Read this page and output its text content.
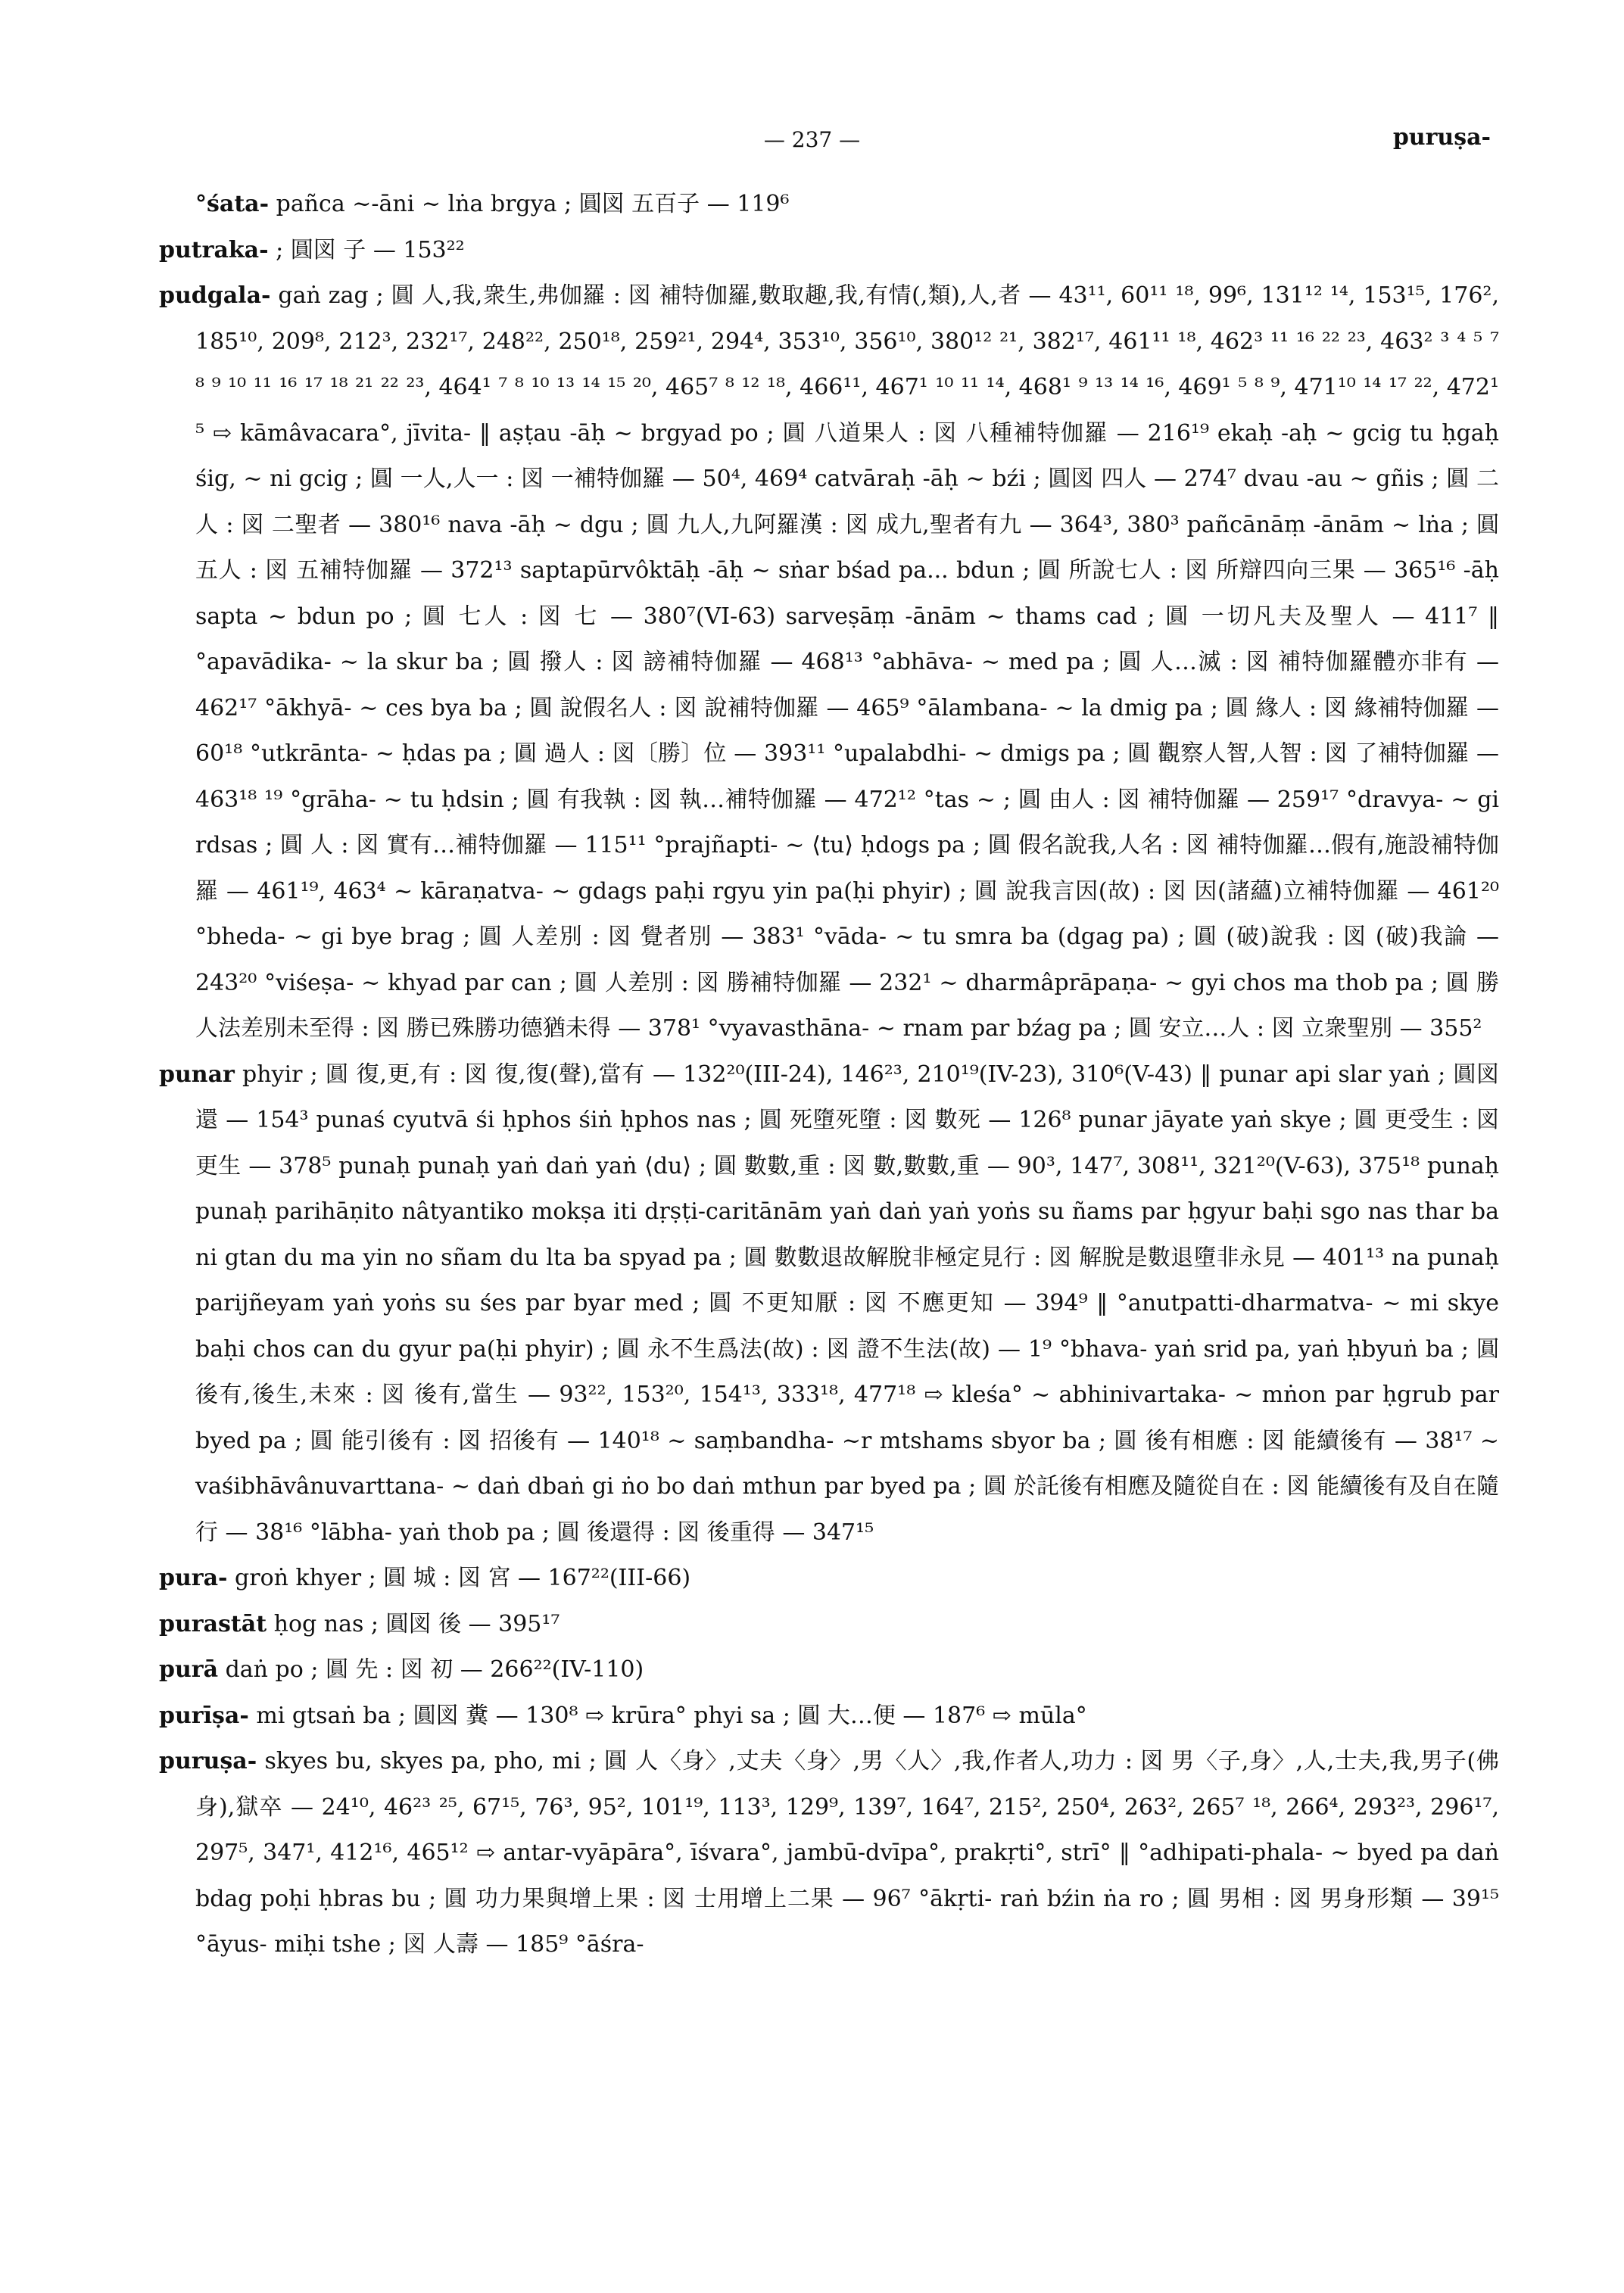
— 237 —	puruṣa-

°śata- pañca ~-āni ~ lṅa brgya ; 圓図 五百子 — 119⁶

putraka- ; 圓図 子 — 153²²

pudgala- gaṅ zag ; 圓 人,我,衆生,弗伽羅 : 図 補特伽羅,數取趣,我,有情(,類),人,者 — 43¹¹, 60¹¹ ¹⁸, 99⁶, 131¹² ¹⁴, 153¹⁵, 176², 185¹⁰, 209⁸, 212³, 232¹⁷, 248²², 250¹⁸, 259²¹, 294⁴, 353¹⁰, 356¹⁰, 380¹² ²¹, 382¹⁷, 461¹¹ ¹⁸, 462³ ¹¹ ¹⁶ ²² ²³, 463² ³ ⁴ ⁵ ⁷ ⁸ ⁹ ¹⁰ ¹¹ ¹⁶ ¹⁷ ¹⁸ ²¹ ²² ²³, 464¹ ⁷ ⁸ ¹⁰ ¹³ ¹⁴ ¹⁵ ²⁰, 465⁷ ⁸ ¹² ¹⁸, 466¹¹, 467¹ ¹⁰ ¹¹ ¹⁴, 468¹ ⁹ ¹³ ¹⁴ ¹⁶, 469¹ ⁵ ⁸ ⁹, 471¹⁰ ¹⁴ ¹⁷ ²², 472¹ ⁵ ⇨ kāmâvacara°, jīvita- ‖ aṣṭau -āḥ ~ brgyad po ; 圓 八道果人 : 図 八種補特伽羅 — 216¹⁹ ekaḥ -aḥ ~ gcig tu ḥgaḥ śig, ~ ni gcig ; 圓 一人,人一 : 図 一補特伽羅 — 50⁴, 469⁴ catvāraḥ -āḥ ~ bźi ; 圓図 四人 — 274⁷ dvau -au ~ gñis ; 圓 二人 : 図 二聖者 — 380¹⁶ nava -āḥ ~ dgu ; 圓 九人,九阿羅漢 : 図 成九,聖者有九 — 364³, 380³ pañcānāṃ -ānām ~ lṅa ; 圓 五人 : 図 五補特伽羅 — 372¹³ saptapūrvôktāḥ -āḥ ~ sṅar bśad pa... bdun ; 圓 所說七人 : 図 所辯四向三果 — 365¹⁶ -āḥ sapta ~ bdun po ; 圓 七人 : 図 七 — 380⁷(VI-63) sarveṣāṃ -ānām ~ thams cad ; 圓 一切凡夫及聖人 — 411⁷ ‖ °apavādika- ~ la skur ba ; 圓 撥人 : 図 謗補特伽羅 — 468¹³ °abhāva- ~ med pa ; 圓 人…滅 : 図 補特伽羅體亦非有 — 462¹⁷ °ākhyā- ~ ces bya ba ; 圓 說假名人 : 図 說補特伽羅 — 465⁹ °ālambana- ~ la dmig pa ; 圓 緣人 : 図 緣補特伽羅 — 60¹⁸ °utkrānta- ~ ḥdas pa ; 圓 過人 : 図〔勝〕位 — 393¹¹ °upalabdhi- ~ dmigs pa ; 圓 觀察人智,人智 : 図 了補特伽羅 — 463¹⁸ ¹⁹ °grāha- ~ tu ḥdsin ; 圓 有我執 : 図 執…補特伽羅 — 472¹² °tas ~ ; 圓 由人 : 図 補特伽羅 — 259¹⁷ °dravya- ~ gi rdsas ; 圓 人 : 図 實有…補特伽羅 — 115¹¹ °prajñapti- ~ ⟨tu⟩ ḥdogs pa ; 圓 假名說我,人名 : 図 補特伽羅…假有,施設補特伽羅 — 461¹⁹, 463⁴ ~ kāraṇatva- ~ gdags paḥi rgyu yin pa(ḥi phyir) ; 圓 說我言因(故) : 図 因(諸蘊)立補特伽羅 — 461²⁰ °bheda- ~ gi bye brag ; 圓 人差別 : 図 覺者別 — 383¹ °vāda- ~ tu smra ba (dgag pa) ; 圓 (破)說我 : 図 (破)我論 — 243²⁰ °viśeṣa- ~ khyad par can ; 圓 人差別 : 図 勝補特伽羅 — 232¹ ~ dharmâprāpaṇa- ~ gyi chos ma thob pa ; 圓 勝人法差別未至得 : 図 勝已殊勝功德猶未得 — 378¹ °vyavasthāna- ~ rnam par bźag pa ; 圓 安立…人 : 図 立衆聖別 — 355²

punar phyir ; 圓 復,更,有 : 図 復,復(聲),當有 — 132²⁰(III-24), 146²³, 210¹⁹(IV-23), 310⁶(V-43) ‖ punar api slar yaṅ ; 圓図 還 — 154³ punaś cyutvā śi ḥphos śiṅ ḥphos nas ; 圓 死墮死墮 : 図 數死 — 126⁸ punar jāyate yaṅ skye ; 圓 更受生 : 図 更生 — 378⁵ punaḥ punaḥ yaṅ daṅ yaṅ ⟨du⟩ ; 圓 數數,重 : 図 數,數數,重 — 90³, 147⁷, 308¹¹, 321²⁰(V-63), 375¹⁸ punaḥ punaḥ parihāṇito nâtyantiko mokṣa iti dṛṣṭi-caritānām yaṅ daṅ yaṅ yoṅs su ñams par ḥgyur baḥi sgo nas thar ba ni gtan du ma yin no sñam du lta ba spyad pa ; 圓 數數退故解脫非極定見行 : 図 解脫是數退墮非永見 — 401¹³ na punaḥ parijñeyam yaṅ yoṅs su śes par byar med ; 圓 不更知厭 : 図 不應更知 — 394⁹ ‖ °anutpatti-dharmatva- ~ mi skye baḥi chos can du gyur pa(ḥi phyir) ; 圓 永不生爲法(故) : 図 證不生法(故) — 1⁹ °bhava- yaṅ srid pa, yaṅ ḥbyuṅ ba ; 圓 後有,後生,未來 : 図 後有,當生 — 93²², 153²⁰, 154¹³, 333¹⁸, 477¹⁸ ⇨ kleśa° ~ abhinivartaka- ~ mṅon par ḥgrub par byed pa ; 圓 能引後有 : 図 招後有 — 140¹⁸ ~ saṃbandha- ~r mtshams sbyor ba ; 圓 後有相應 : 図 能續後有 — 38¹⁷ ~ vaśibhāvânuvarttana- ~ daṅ dbaṅ gi ṅo bo daṅ mthun par byed pa ; 圓 於託後有相應及隨從自在 : 図 能續後有及自在隨行 — 38¹⁶ °lābha- yaṅ thob pa ; 圓 後還得 : 図 後重得 — 347¹⁵

pura- groṅ khyer ; 圓 城 : 図 宮 — 167²²(III-66)

purastāt ḥog nas ; 圓図 後 — 395¹⁷

purā daṅ po ; 圓 先 : 図 初 — 266²²(IV-110)

purīṣa- mi gtsaṅ ba ; 圓図 糞 — 130⁸ ⇨ krūra° phyi sa ; 圓 大…便 — 187⁶ ⇨ mūla°

puruṣa- skyes bu, skyes pa, pho, mi ; 圓 人〈身〉,丈夫〈身〉,男〈人〉,我,作者人,功力 : 図 男〈子,身〉,人,士夫,我,男子(佛身),獄卒 — 24¹⁰, 46²³ ²⁵, 67¹⁵, 76³, 95², 101¹⁹, 113³, 129⁹, 139⁷, 164⁷, 215², 250⁴, 263², 265⁷ ¹⁸, 266⁴, 293²³, 296¹⁷, 297⁵, 347¹, 412¹⁶, 465¹² ⇨ antar-vyāpāra°, īśvara°, jambū-dvīpa°, prakṛti°, strī° ‖ °adhipati-phala- ~ byed pa daṅ bdag poḥi ḥbras bu ; 圓 功力果與增上果 : 図 士用增上二果 — 96⁷ °ākṛti- raṅ bźin ṅa ro ; 圓 男相 : 図 男身形類 — 39¹⁵ °āyus- miḥi tshe ; 図 人壽 — 185⁹ °āśra-
